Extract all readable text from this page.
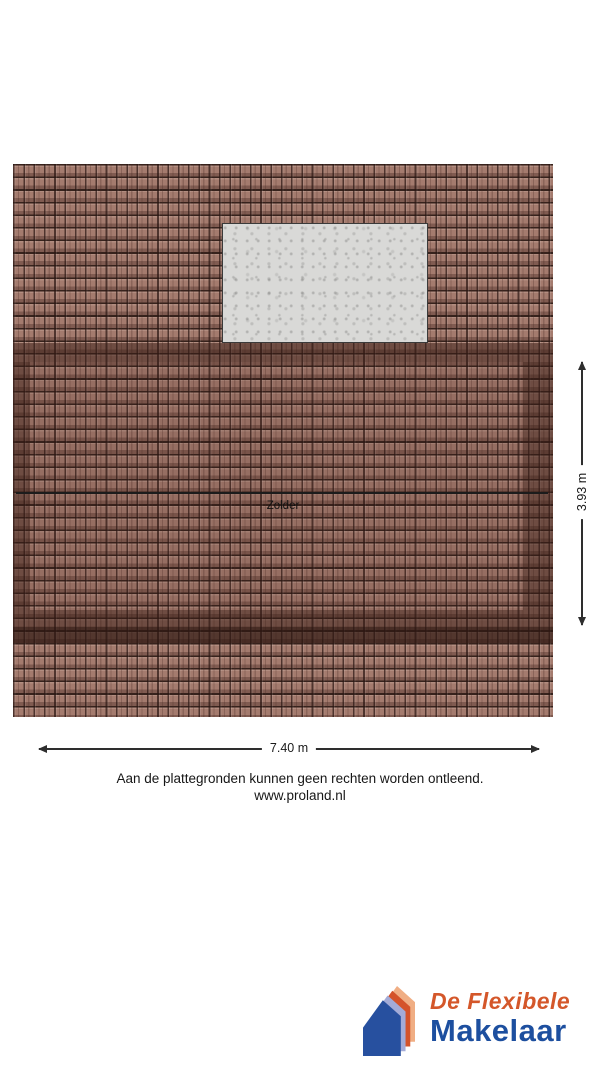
Zolder	3.93 m
7.40 m
Aan de plattegronden kunnen geen rechten worden ontleend.
www.proland.nl
De Flexibele
Makelaar
